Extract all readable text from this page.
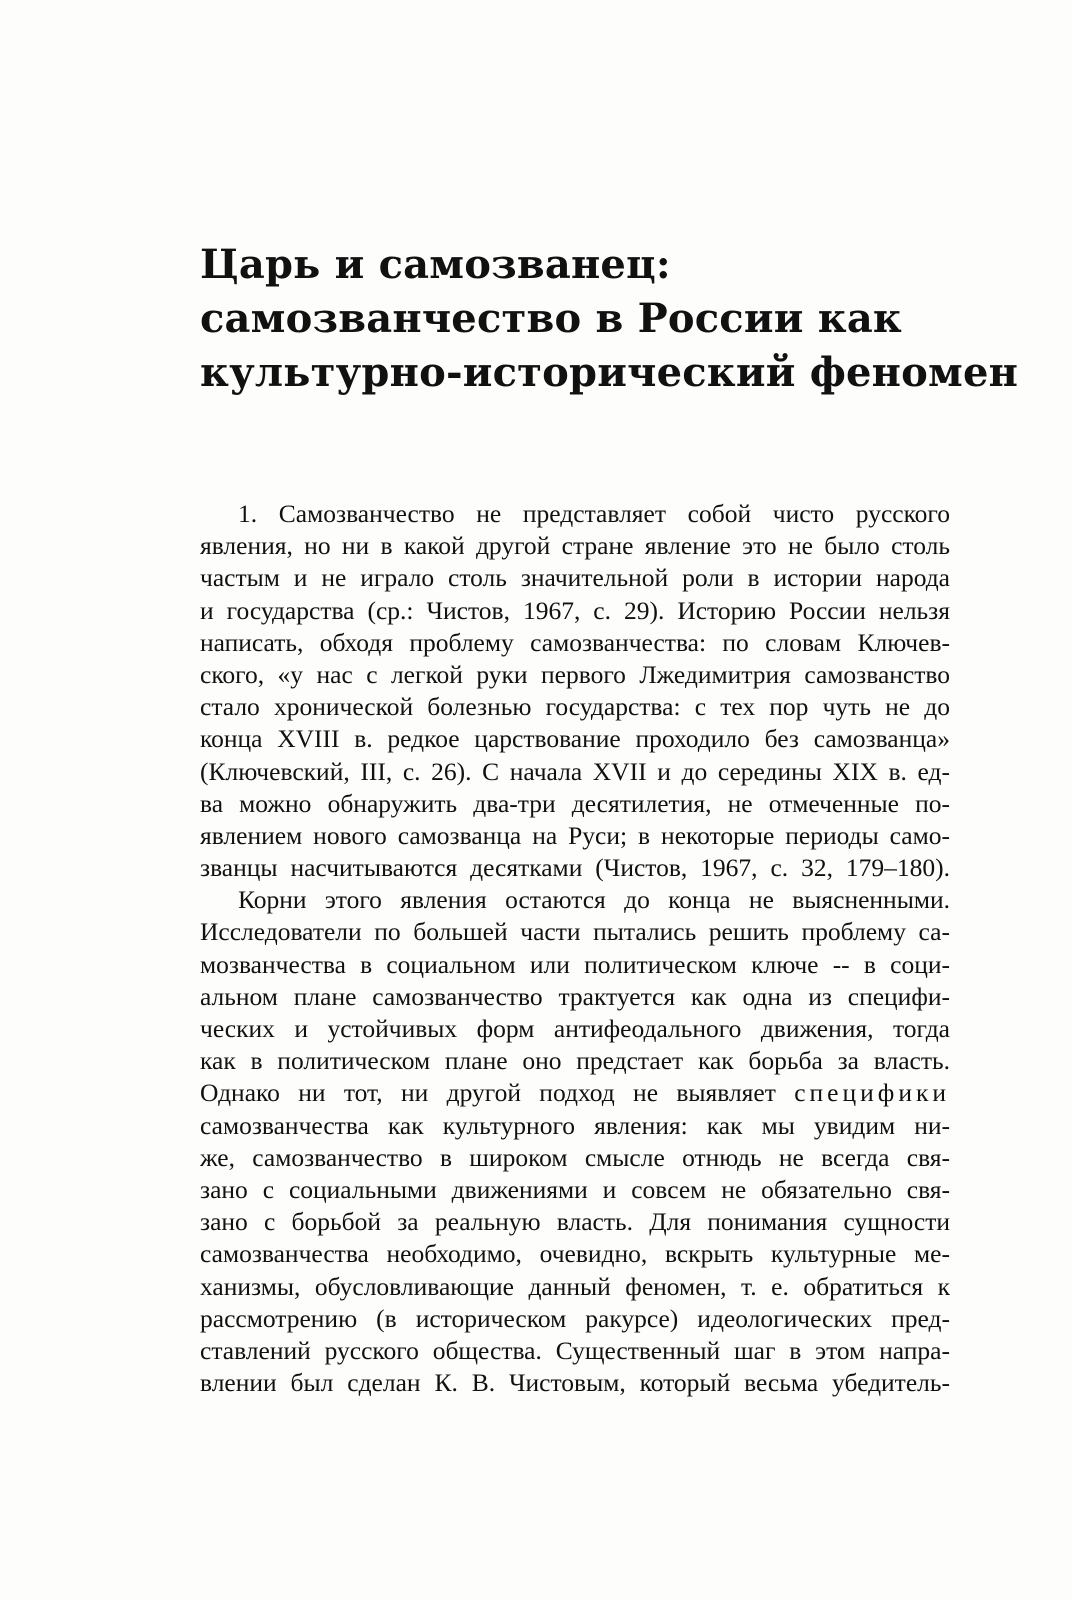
Царь и самозванец:
самозванчество в России как
культурно-исторический феномен
1. Самозванчество не представляет собой чисто русского
явления, но ни в какой другой стране явление это не было столь
частым и не играло столь значительной роли в истории народа
и государства (ср.: Чистов, 1967, с. 29). Историю России нельзя
написать, обходя проблему самозванчества: по словам Ключев-
ского, «у нас с легкой руки первого Лжедимитрия самозванство
стало хронической болезнью государства: с тех пор чуть не до
конца XVIII в. редкое царствование проходило без самозванца»
(Ключевский, III, с. 26). С начала XVII и до середины XIX в. ед-
ва можно обнаружить два-три десятилетия, не отмеченные по-
явлением нового самозванца на Руси; в некоторые периоды само-
званцы насчитываются десятками (Чистов, 1967, с. 32, 179–180).
Корни этого явления остаются до конца не выясненными.
Исследователи по большей части пытались решить проблему са-
мозванчества в социальном или политическом ключе -- в соци-
альном плане самозванчество трактуется как одна из специфи-
ческих и устойчивых форм антифеодального движения, тогда
как в политическом плане оно предстает как борьба за власть.
Однако ни тот, ни другой подход не выявляет специфики
самозванчества как культурного явления: как мы увидим ни-
же, самозванчество в широком смысле отнюдь не всегда свя-
зано с социальными движениями и совсем не обязательно свя-
зано с борьбой за реальную власть. Для понимания сущности
самозванчества необходимо, очевидно, вскрыть культурные ме-
ханизмы, обусловливающие данный феномен, т. е. обратиться к
рассмотрению (в историческом ракурсе) идеологических пред-
ставлений русского общества. Существенный шаг в этом напра-
влении был сделан К. В. Чистовым, который весьма убедитель-
